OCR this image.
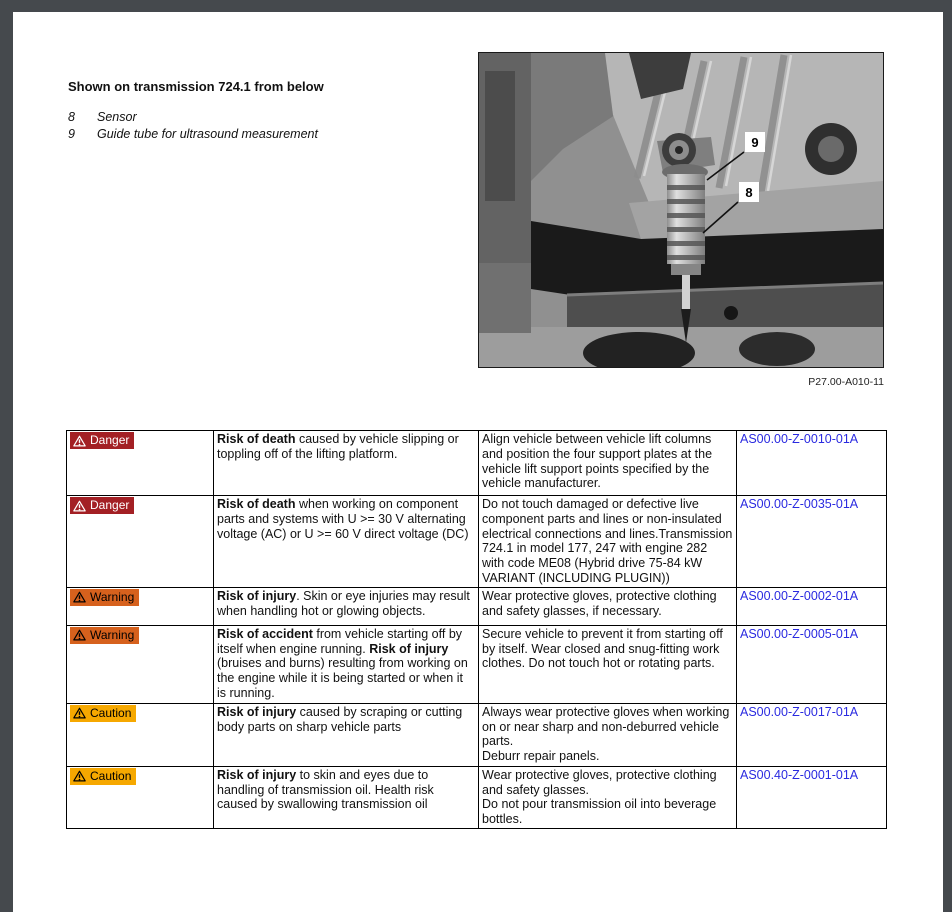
Shown on transmission 724.1 from below
8	Sensor
9	Guide tube for ultrasound measurement
9
8
P27.00-A010-11
Danger	Risk of death caused by vehicle slipping or toppling off of the lifting platform.	Align vehicle between vehicle lift columns and position the four support plates at the vehicle lift support points specified by the vehicle manufacturer.	AS00.00-Z-0010-01A

Danger	Risk of death when working on component parts and systems with U >= 30 V alternating voltage (AC) or U >= 60 V direct voltage (DC)	Do not touch damaged or defective live component parts and lines or non-insulated electrical connections and lines.Transmission 724.1 in model 177, 247 with engine 282
with code ME08 (Hybrid drive 75-84 kW VARIANT (INCLUDING PLUGIN))	AS00.00-Z-0035-01A

Warning	Risk of injury. Skin or eye injuries may result when handling hot or glowing objects.	Wear protective gloves, protective clothing and safety glasses, if necessary.	AS00.00-Z-0002-01A

Warning	Risk of accident from vehicle starting off by itself when engine running. Risk of injury (bruises and burns) resulting from working on the engine while it is being started or when it is running.	Secure vehicle to prevent it from starting off by itself. Wear closed and snug-fitting work clothes. Do not touch hot or rotating parts.	AS00.00-Z-0005-01A

Caution	Risk of injury caused by scraping or cutting body parts on sharp vehicle parts	Always wear protective gloves when working on or near sharp and non-deburred vehicle parts.
Deburr repair panels.	AS00.00-Z-0017-01A

Caution	Risk of injury to skin and eyes due to handling of transmission oil. Health risk caused by swallowing transmission oil	Wear protective gloves, protective clothing and safety glasses.
Do not pour transmission oil into beverage bottles.	AS00.40-Z-0001-01A
